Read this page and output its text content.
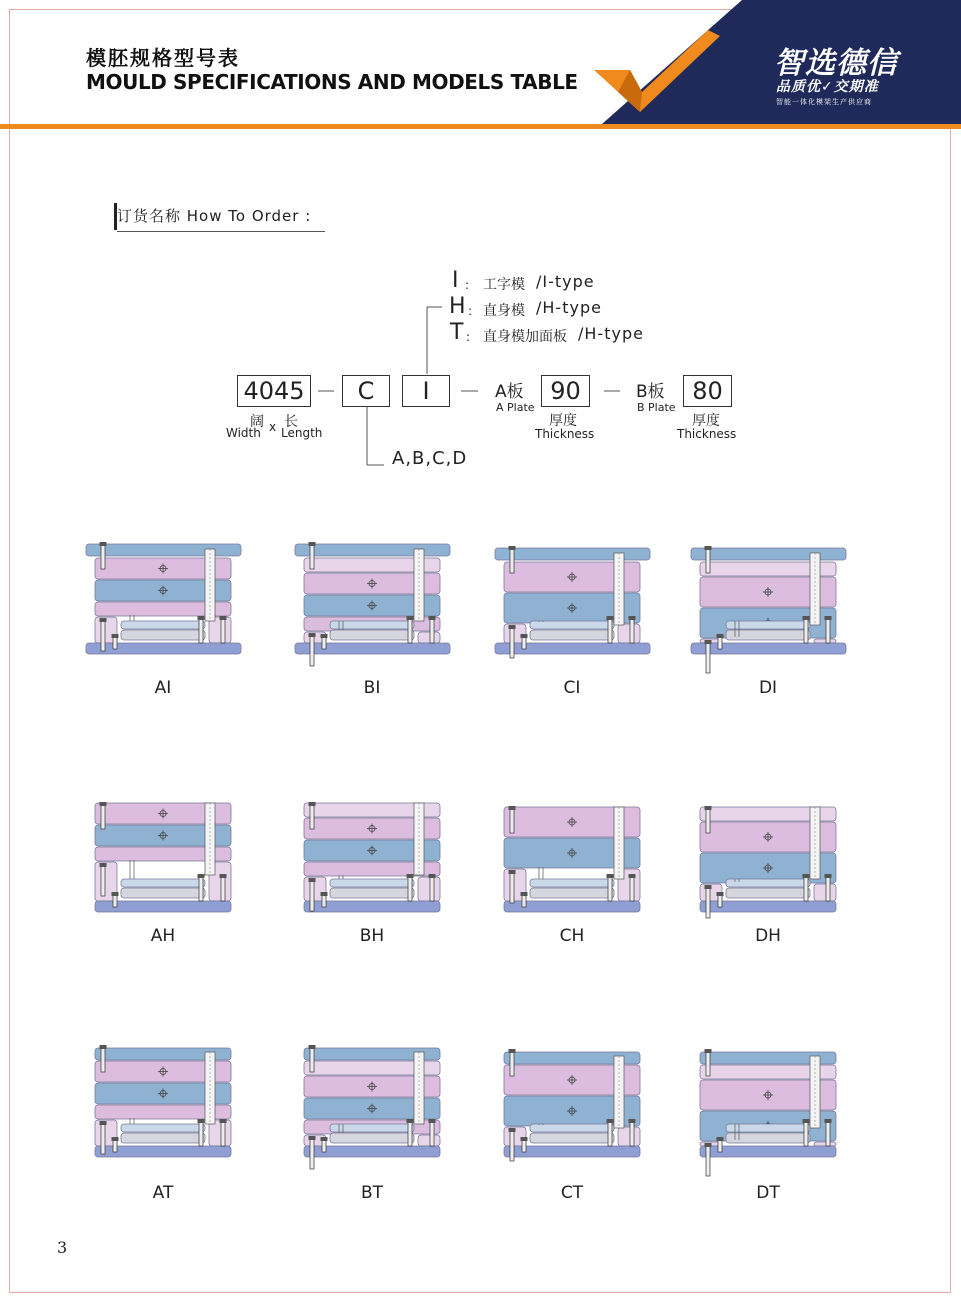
模胚规格型号表
MOULD SPECIFICATIONS AND MODELS TABLE
智选德信
品质优✓交期准
智能一体化模架生产供应商
订货名称 How To Order :
4045	C	I	90	80
I : 工字模 /I-type
H : 直身模 /H-type
T : 直身模加面板 /H-type
阔 x 长
Width Length
A板
A Plate
厚度
Thickness
B板
B Plate
厚度
Thickness
A,B,C,D
AI	BI	CI	DI
AH	BH	CH	DH
AT	BT	CT	DT
3
